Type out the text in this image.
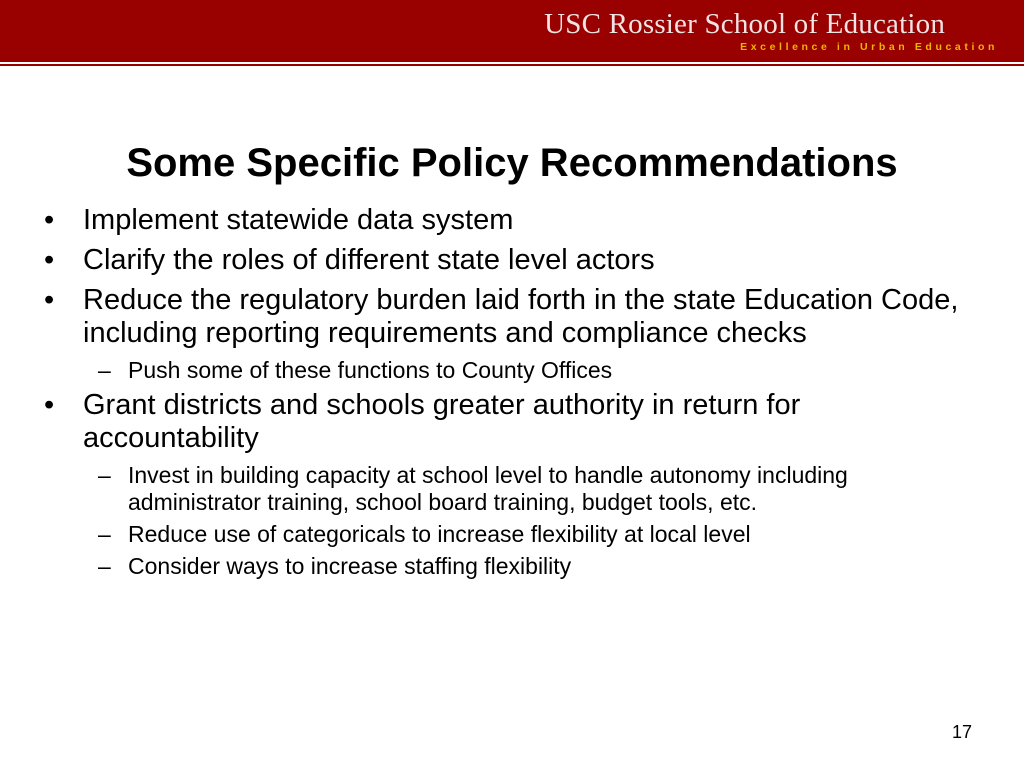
USC Rossier School of Education
Excellence in Urban Education
Some Specific Policy Recommendations
• Implement statewide data system
• Clarify the roles of different state level actors
• Reduce the regulatory burden laid forth in the state Education Code, including reporting requirements and compliance checks
– Push some of these functions to County Offices
• Grant districts and schools greater authority in return for accountability
– Invest in building capacity at school level to handle autonomy including administrator training, school board training, budget tools, etc.
– Reduce use of categoricals to increase flexibility at local level
– Consider ways to increase staffing flexibility
17
